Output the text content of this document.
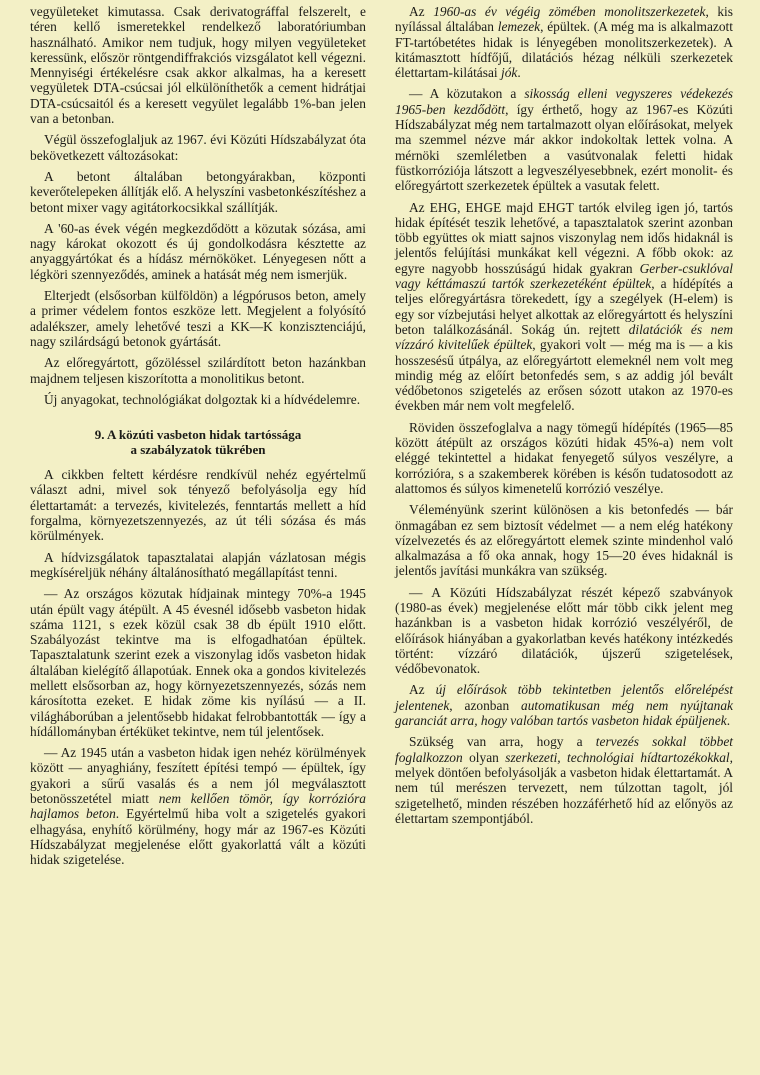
vegyületeket kimutassa. Csak derivatográffal felszerelt, e téren kellő ismeretekkel rendelkező laboratóriumban használható. Amikor nem tudjuk, hogy milyen vegyületeket keressünk, először röntgendiffrakciós vizsgálatot kell végezni. Mennyiségi értékelésre csak akkor alkalmas, ha a keresett vegyületek DTA-csúcsai jól elkülöníthetők a cement hidrátjai DTA-csúcsaitól és a keresett vegyület legalább 1%-ban jelen van a betonban.

Végül összefoglaljuk az 1967. évi Közúti Hídszabályzat óta bekövetkezett változásokat:

A betont általában betongyárakban, központi keverőtelepeken állítják elő. A helyszíni vasbetonkészítéshez a betont mixer vagy agitátorkocsikkal szállítják.

A '60-as évek végén megkezdődött a közutak sózása, ami nagy károkat okozott és új gondolkodásra késztette az anyaggyártókat és a hídász mérnököket. Lényegesen nőtt a légköri szennyeződés, aminek a hatását még nem ismerjük.

Elterjedt (elsősorban külföldön) a légpórusos beton, amely a primer védelem fontos eszköze lett. Megjelent a folyósító adalékszer, amely lehetővé teszi a KK—K konzisztenciájú, nagy szilárdságú betonok gyártását.

Az előregyártott, gőzöléssel szilárdított beton hazánkban majdnem teljesen kiszorította a monolitikus betont.

Új anyagokat, technológiákat dolgoztak ki a hídvédelemre.

9. A közúti vasbeton hidak tartóssága
a szabályzatok tükrében

A cikkben feltett kérdésre rendkívül nehéz egyértelmű választ adni, mivel sok tényező befolyásolja egy híd élettartamát: a tervezés, kivitelezés, fenntartás mellett a híd forgalma, környezetszennyezés, az út téli sózása és más körülmények.

A hídvizsgálatok tapasztalatai alapján vázlatosan mégis megkíséreljük néhány általánosítható megállapítást tenni.

— Az országos közutak hídjainak mintegy 70%-a 1945 után épült vagy átépült. A 45 évesnél idősebb vasbeton hidak száma 1121, s ezek közül csak 38 db épült 1910 előtt. Szabályozást tekintve ma is elfogadhatóan épültek. Tapasztalatunk szerint ezek a viszonylag idős vasbeton hidak általában kielégítő állapotúak. Ennek oka a gondos kivitelezés mellett elsősorban az, hogy környezetszennyezés, sózás nem károsította ezeket. E hidak zöme kis nyílású — a II. világháborúban a jelentősebb hidakat felrobbantották — így a hídállományban értéküket tekintve, nem túl jelentősek.

— Az 1945 után a vasbeton hidak igen nehéz körülmények között — anyaghiány, feszített építési tempó — épültek, így gyakori a sűrű vasalás és a nem jól megválasztott betonösszetétel miatt nem kellően tömör, így korrózióra hajlamos beton. Egyértelmű hiba volt a szigetelés gyakori elhagyása, enyhítő körülmény, hogy már az 1967-es Közúti Hídszabályzat megjelenése előtt gyakorlattá vált a közúti hidak szigetelése.

Az 1960-as év végéig zömében monolitszerkezetek, kis nyílással általában lemezek, épültek. (A még ma is alkalmazott FT-tartóbetétes hidak is lényegében monolitszerkezetek). A kitámasztott hídfőjű, dilatációs hézag nélküli szerkezetek élettartam-kilátásai jók.

— A közutakon a sikosság elleni vegyszeres védekezés 1965-ben kezdődött, így érthető, hogy az 1967-es Közúti Hídszabályzat még nem tartalmazott olyan előírásokat, melyek ma szemmel nézve már akkor indokoltak lettek volna. A mérnöki szemléletben a vasútvonalak feletti hidak füstkorróziója látszott a legveszélyesebbnek, ezért monolit- és előregyártott szerkezetek épültek a vasutak felett.

Az EHG, EHGE majd EHGT tartók elvileg igen jó, tartós hidak építését teszik lehetővé, a tapasztalatok szerint azonban több együttes ok miatt sajnos viszonylag nem idős hidaknál is jelentős felújítási munkákat kell végezni. A főbb okok: az egyre nagyobb hosszúságú hidak gyakran Gerber-csuklóval vagy kéttámaszú tartók szerkezetéként épültek, a hídépítés a teljes előregyártásra törekedett, így a szegélyek (H-elem) is egy sor vízbejutási helyet alkottak az előregyártott és helyszíni beton találkozásánál. Sokág ún. rejtett dilatációk és nem vízzáró kivitelűek épültek, gyakori volt — még ma is — a kis hosszesésű útpálya, az előregyártott elemeknél nem volt meg mindig még az előírt betonfedés sem, s az addig jól bevált védőbetonos szigetelés az erősen sózott utakon az 1970-es években már nem volt megfelelő.

Röviden összefoglalva a nagy tömegű hídépítés (1965—85 között átépült az országos közúti hidak 45%-a) nem volt eléggé tekintettel a hidakat fenyegető súlyos veszélyre, a korrózióra, s a szakemberek körében is későn tudatosodott az alattomos és súlyos kimenetelű korrózió veszélye.

Véleményünk szerint különösen a kis betonfedés — bár önmagában ez sem biztosít védelmet — a nem elég hatékony vízelvezetés és az előregyártott elemek szinte mindenhol való alkalmazása a fő oka annak, hogy 15—20 éves hidaknál is jelentős javítási munkákra van szükség.

— A Közúti Hídszabályzat részét képező szabványok (1980-as évek) megjelenése előtt már több cikk jelent meg hazánkban is a vasbeton hidak korrózió veszélyéről, de előírások hiányában a gyakorlatban kevés hatékony intézkedés történt: vízzáró dilatációk, újszerű szigetelések, védőbevonatok.

Az új előírások több tekintetben jelentős előrelépést jelentenek, azonban automatikusan még nem nyújtanak garanciát arra, hogy valóban tartós vasbeton hidak épüljenek.

Szükség van arra, hogy a tervezés sokkal többet foglalkozzon olyan szerkezeti, technológiai hídtartozékokkal, melyek döntően befolyásolják a vasbeton hidak élettartamát. A nem túl merészen tervezett, nem túlzottan tagolt, jól szigetelhető, minden részében hozzáférhető híd az előnyös az élettartam szempontjából.
